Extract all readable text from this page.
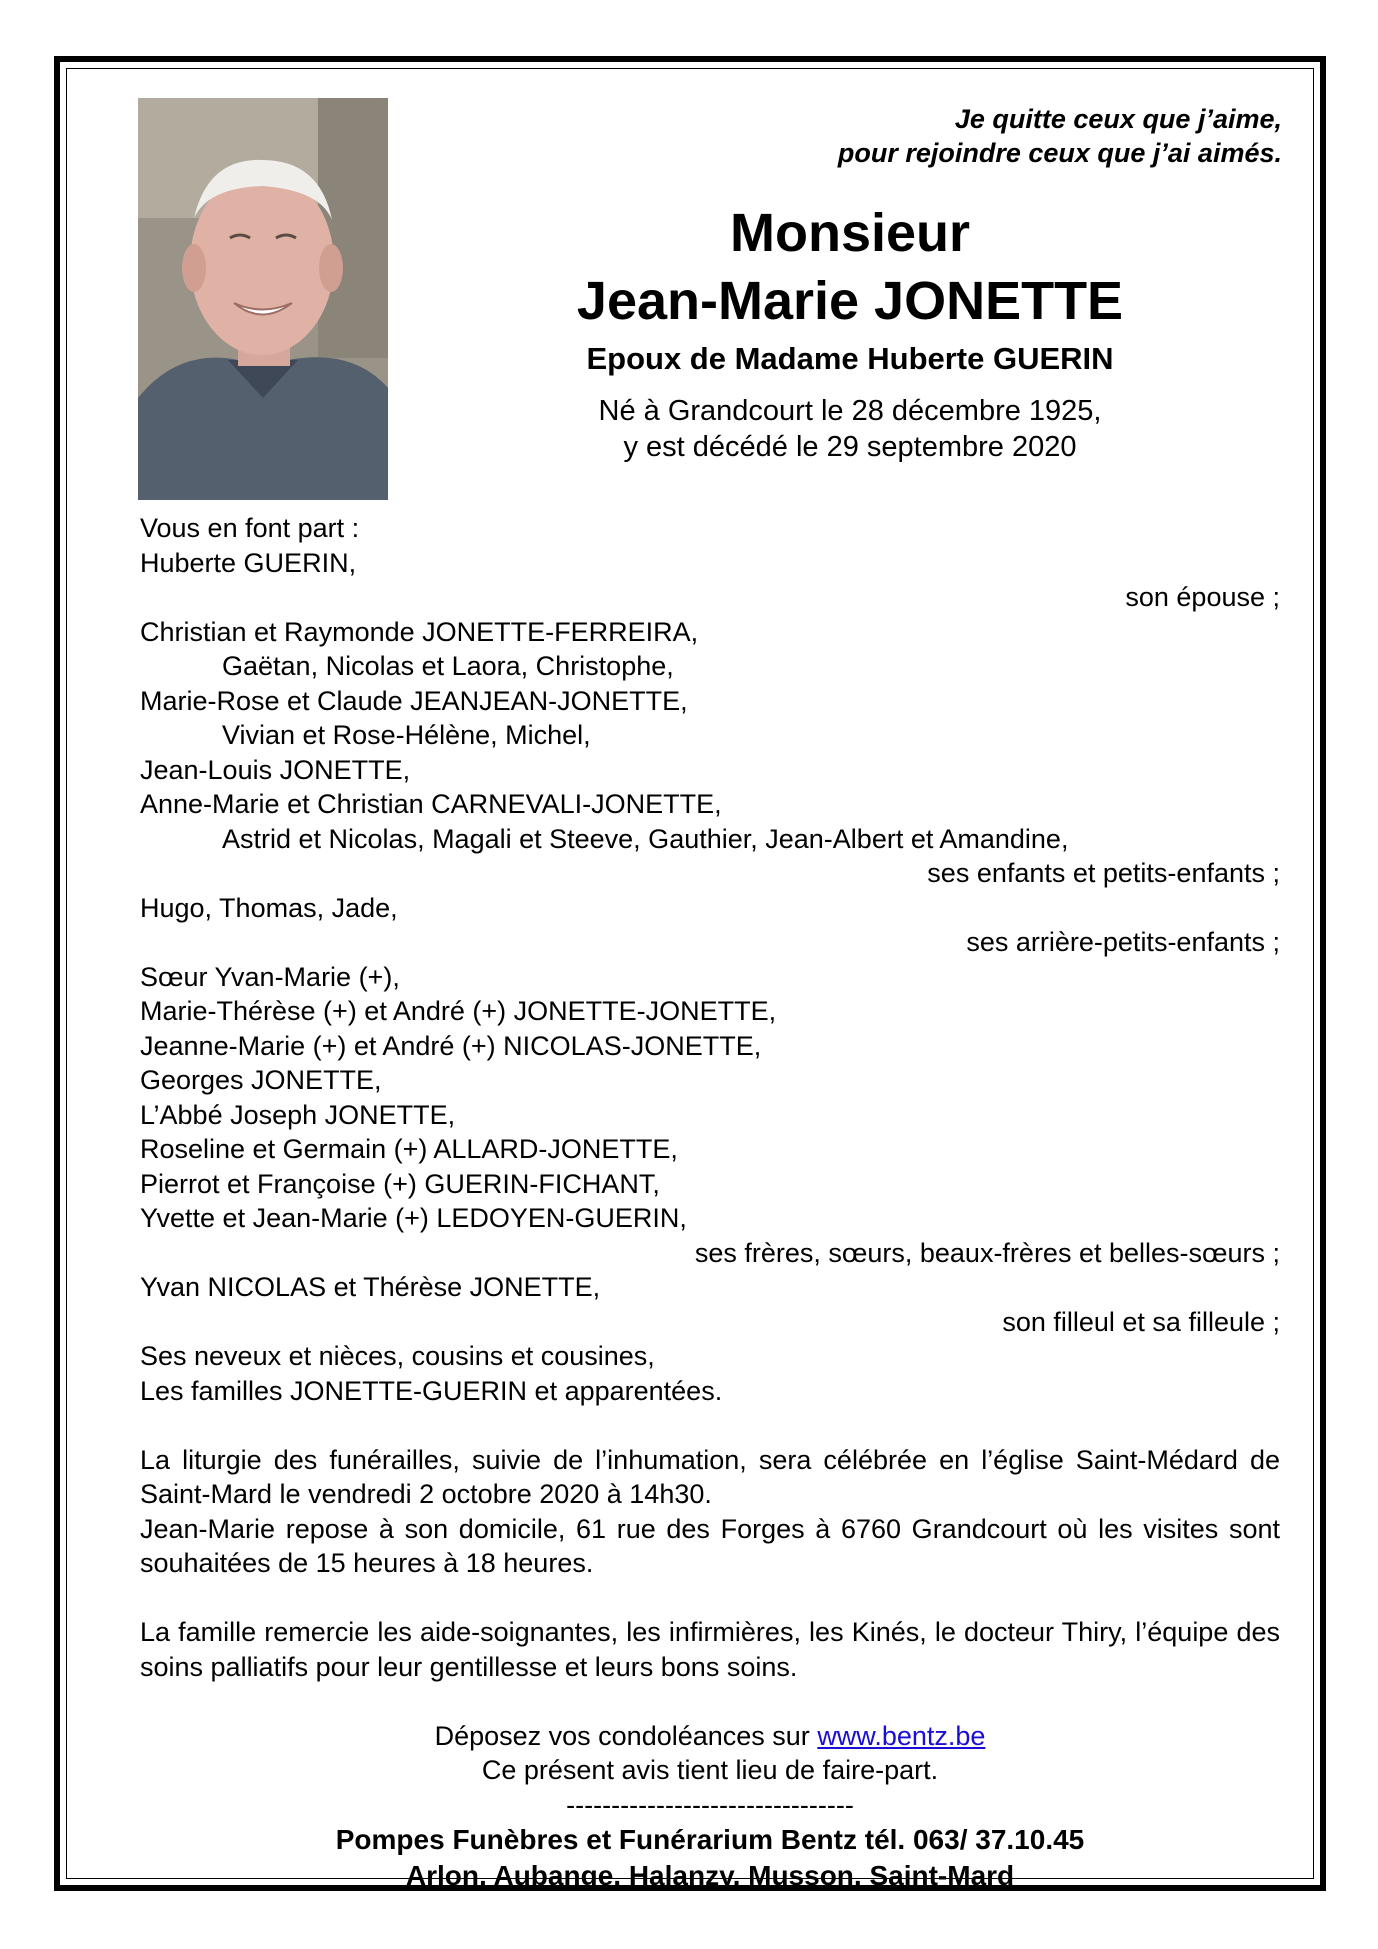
Je quitte ceux que j’aime,
pour rejoindre ceux que j’ai aimés.
Monsieur
Jean-Marie JONETTE
Epoux de Madame Huberte GUERIN
Né à Grandcourt le 28 décembre 1925,
y est décédé le 29 septembre 2020
Vous en font part :
Huberte GUERIN,
son épouse ;
Christian et Raymonde JONETTE-FERREIRA,
Gaëtan, Nicolas et Laora, Christophe,
Marie-Rose et Claude JEANJEAN-JONETTE,
Vivian et Rose-Hélène, Michel,
Jean-Louis JONETTE,
Anne-Marie et Christian CARNEVALI-JONETTE,
Astrid et Nicolas, Magali et Steeve, Gauthier, Jean-Albert et Amandine,
ses enfants et petits-enfants ;
Hugo, Thomas, Jade,
ses arrière-petits-enfants ;
Sœur Yvan-Marie (+),
Marie-Thérèse (+) et André (+) JONETTE-JONETTE,
Jeanne-Marie (+) et André (+) NICOLAS-JONETTE,
Georges JONETTE,
L’Abbé Joseph JONETTE,
Roseline et Germain (+) ALLARD-JONETTE,
Pierrot et Françoise (+) GUERIN-FICHANT,
Yvette et Jean-Marie (+) LEDOYEN-GUERIN,
ses frères, sœurs, beaux-frères et belles-sœurs ;
Yvan NICOLAS et Thérèse JONETTE,
son filleul et sa filleule ;
Ses neveux et nièces, cousins et cousines,
Les familles JONETTE-GUERIN et apparentées.
La liturgie des funérailles, suivie de l’inhumation, sera célébrée en l’église Saint-Médard de Saint-Mard le vendredi 2 octobre 2020 à 14h30.
Jean-Marie repose à son domicile, 61 rue des Forges à 6760 Grandcourt où les visites sont souhaitées de 15 heures à 18 heures.
La famille remercie les aide-soignantes, les infirmières, les Kinés, le docteur Thiry, l’équipe des soins palliatifs pour leur gentillesse et leurs bons soins.
Déposez vos condoléances sur www.bentz.be
Ce présent avis tient lieu de faire-part.
--------------------------------
Pompes Funèbres et Funérarium Bentz tél. 063/ 37.10.45
Arlon, Aubange, Halanzy, Musson, Saint-Mard
